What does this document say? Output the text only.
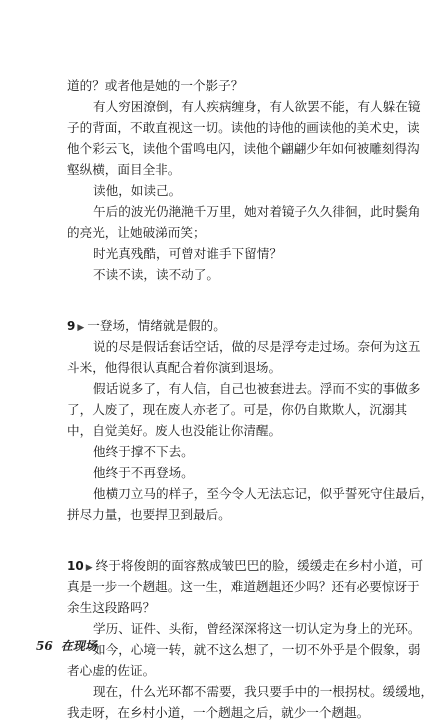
道的？或者他是她的一个影子？
有人穷困潦倒，有人疾病缠身，有人欲罢不能，有人躲在镜
子的背面，不敢直视这一切。读他的诗他的画读他的美术史，读
他个彩云飞，读他个雷鸣电闪，读他个翩翩少年如何被雕刻得沟
壑纵横，面目全非。
读他，如读己。
午后的波光仍滟滟千万里，她对着镜子久久徘徊，此时鬓角
的亮光，让她破涕而笑；
时光真残酷，可曾对谁手下留情？
不读不读，读不动了。
9 ▶ 一登场，情绪就是假的。
说的尽是假话套话空话，做的尽是浮夸走过场。奈何为这五
斗米，他得很认真配合着你演到退场。
假话说多了，有人信，自己也被套进去。浮而不实的事做多
了，人废了，现在废人亦老了。可是，你仍自欺欺人，沉溺其
中，自觉美好。废人也没能让你清醒。
他终于撑不下去。
他终于不再登场。
他横刀立马的样子，至今令人无法忘记，似乎誓死守住最后，
拼尽力量，也要捍卫到最后。
10 ▶ 终于将俊朗的面容熬成皱巴巴的脸，缓缓走在乡村小道，可
真是一步一个趔趄。这一生，难道趔趄还少吗？还有必要惊讶于
余生这段路吗？
学历、证件、头衔，曾经深深将这一切认定为身上的光环。
如今，心境一转，就不这么想了，一切不外乎是个假象，弱
者心虚的佐证。
现在，什么光环都不需要，我只要手中的一根拐杖。缓缓地，
我走呀，在乡村小道，一个趔趄之后，就少一个趔趄。
56 在现场
